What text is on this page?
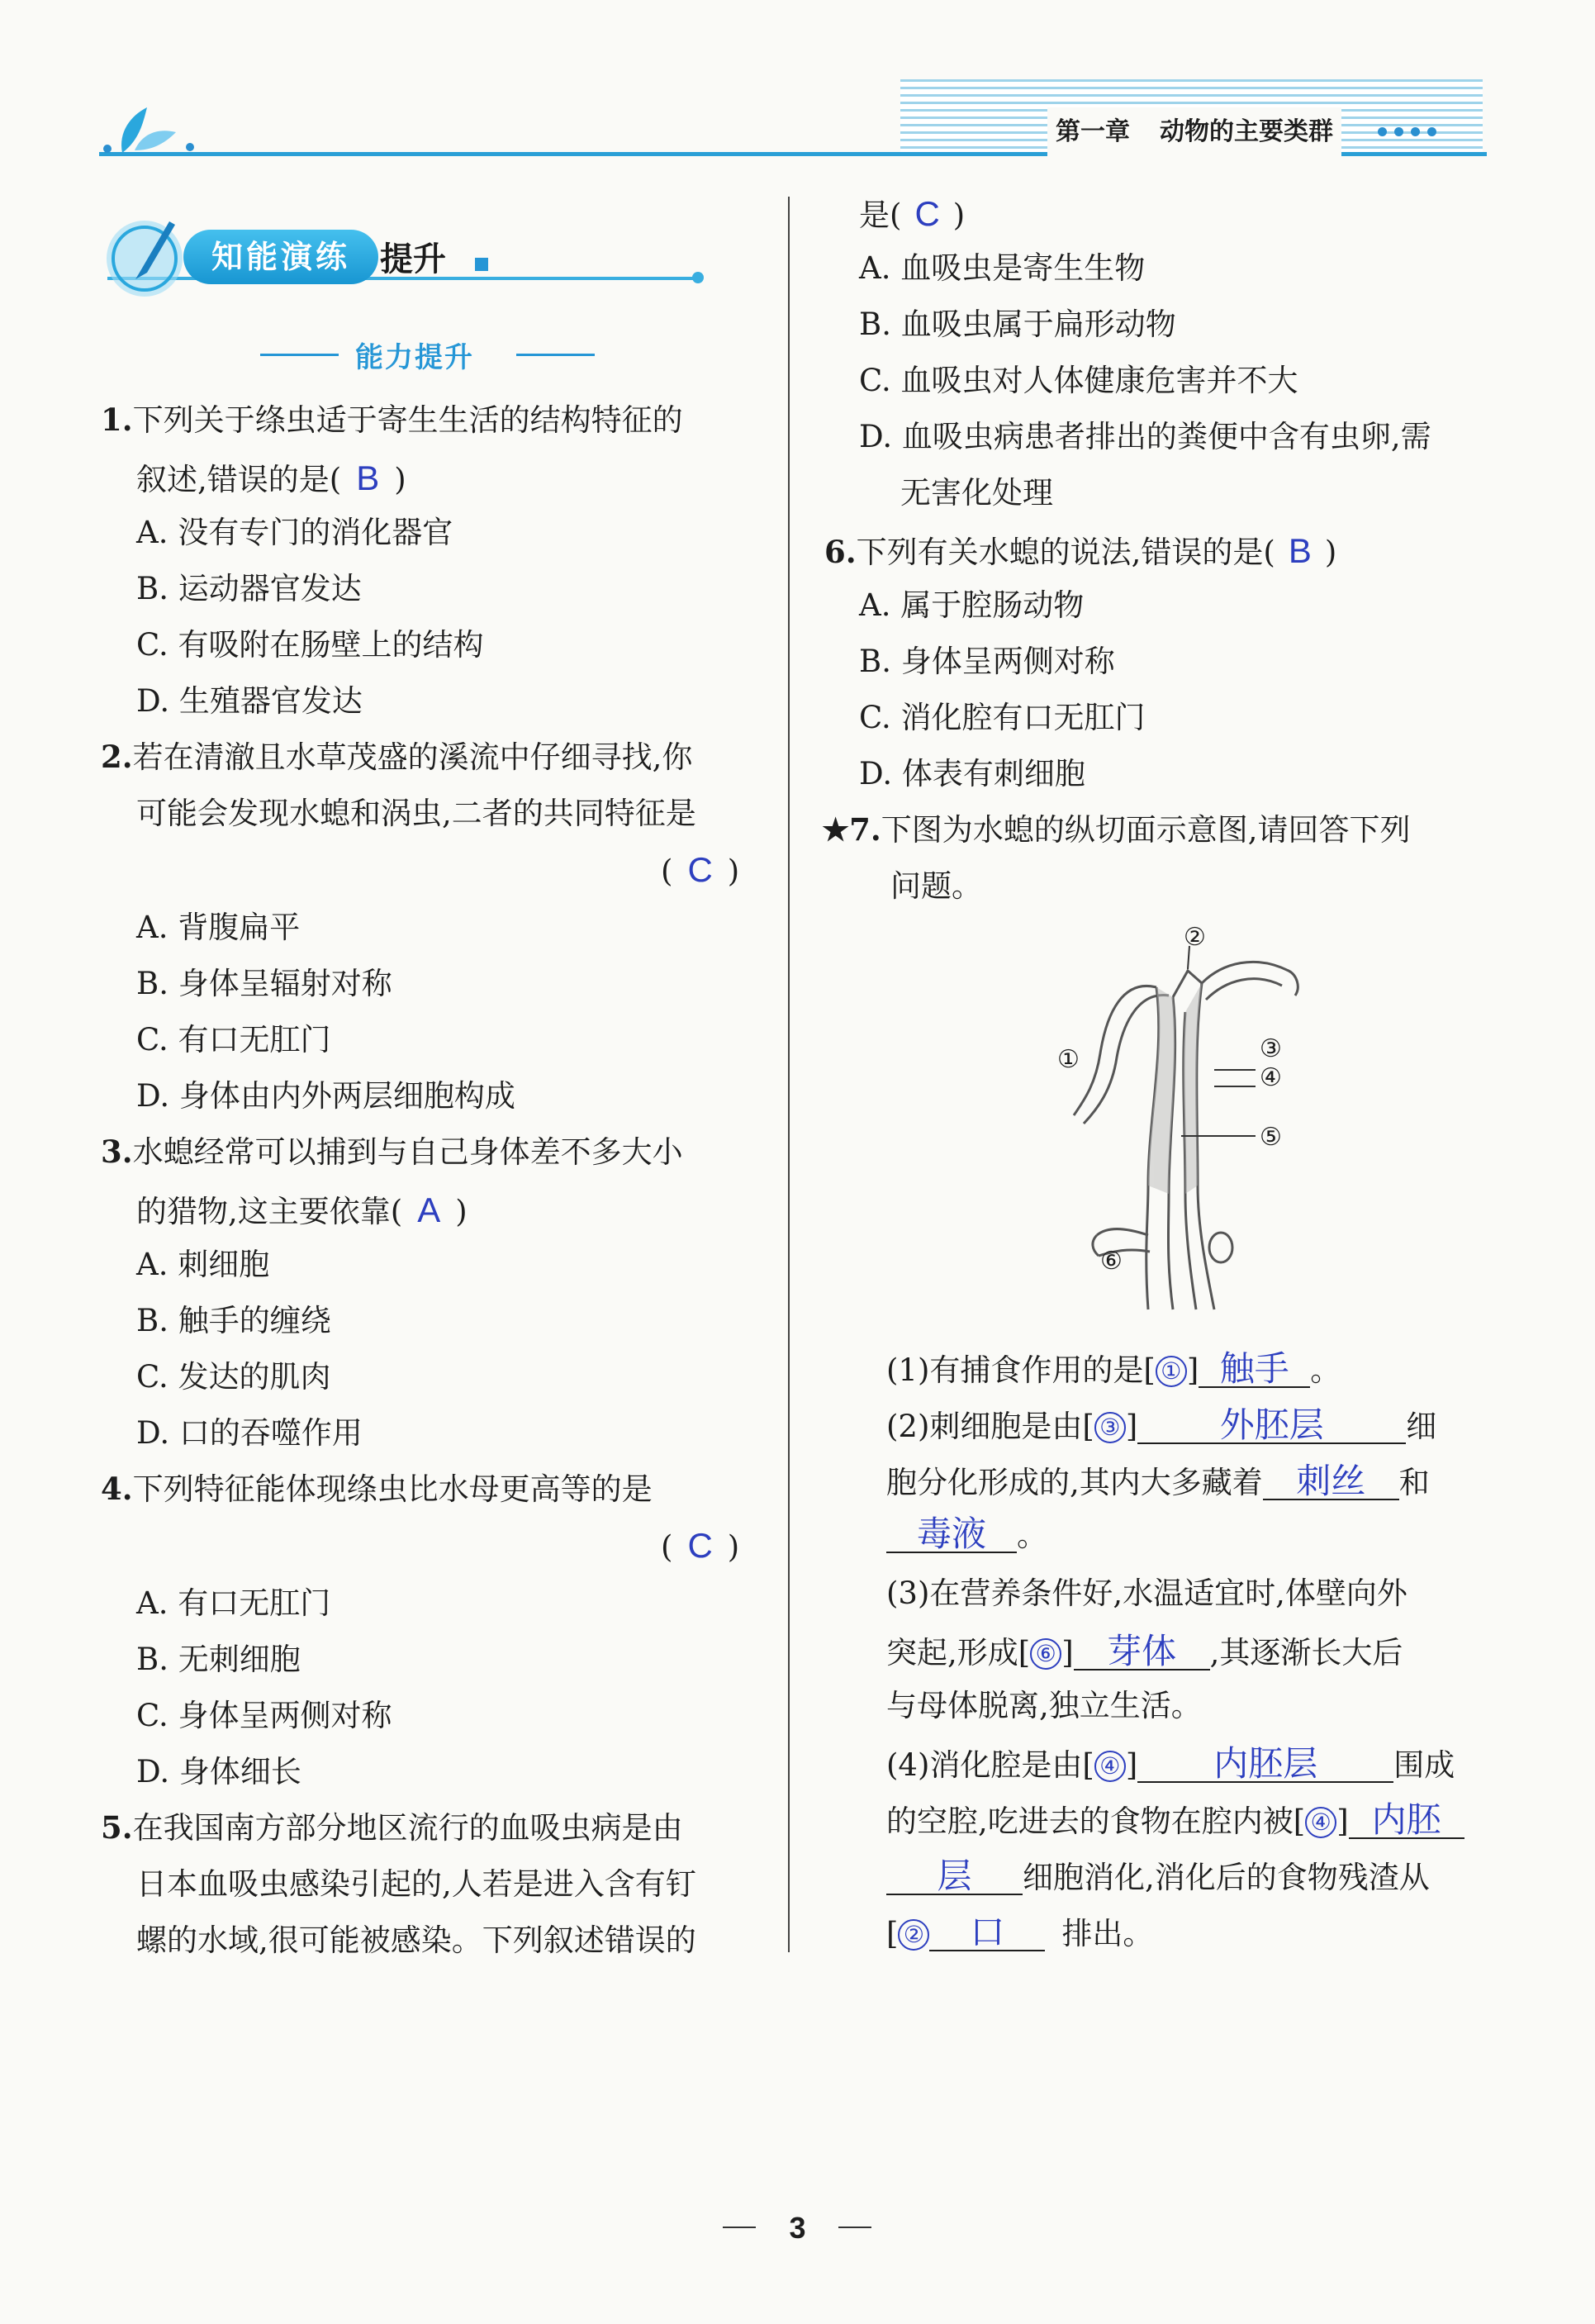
第一章 动物的主要类群
知能演练 提升
能力提升
1.下列关于绦虫适于寄生生活的结构特征的
叙述,错误的是( B )
A. 没有专门的消化器官
B. 运动器官发达
C. 有吸附在肠壁上的结构
D. 生殖器官发达
2.若在清澈且水草茂盛的溪流中仔细寻找,你
可能会发现水螅和涡虫,二者的共同特征是
( C )
A. 背腹扁平
B. 身体呈辐射对称
C. 有口无肛门
D. 身体由内外两层细胞构成
3.水螅经常可以捕到与自己身体差不多大小
的猎物,这主要依靠( A )
A. 刺细胞
B. 触手的缠绕
C. 发达的肌肉
D. 口的吞噬作用
4.下列特征能体现绦虫比水母更高等的是
( C )
A. 有口无肛门
B. 无刺细胞
C. 身体呈两侧对称
D. 身体细长
5.在我国南方部分地区流行的血吸虫病是由
日本血吸虫感染引起的,人若是进入含有钉
螺的水域,很可能被感染。下列叙述错误的
是( C )
A. 血吸虫是寄生生物
B. 血吸虫属于扁形动物
C. 血吸虫对人体健康危害并不大
D. 血吸虫病患者排出的粪便中含有虫卵,需
无害化处理
6.下列有关水螅的说法,错误的是( B )
A. 属于腔肠动物
B. 身体呈两侧对称
C. 消化腔有口无肛门
D. 体表有刺细胞
★7.下图为水螅的纵切面示意图,请回答下列
问题。
②
①	③
④
⑤
⑥
(1)有捕食作用的是[ ① ] 触手 。
(2)刺细胞是由[ ③ ] 外胚层	细
胞分化形成的,其内大多藏着 刺丝 和
毒液 。
(3)在营养条件好,水温适宜时,体壁向外
突起,形成[ ⑥ ] 芽体 ,其逐渐长大后
与母体脱离,独立生活。
(4)消化腔是由[ ④ ] 内胚层 围成
的空腔,吃进去的食物在腔内被[ ④ ] 内胚
层 细胞消化,消化后的食物残渣从
[ ② 口 排出。
3
